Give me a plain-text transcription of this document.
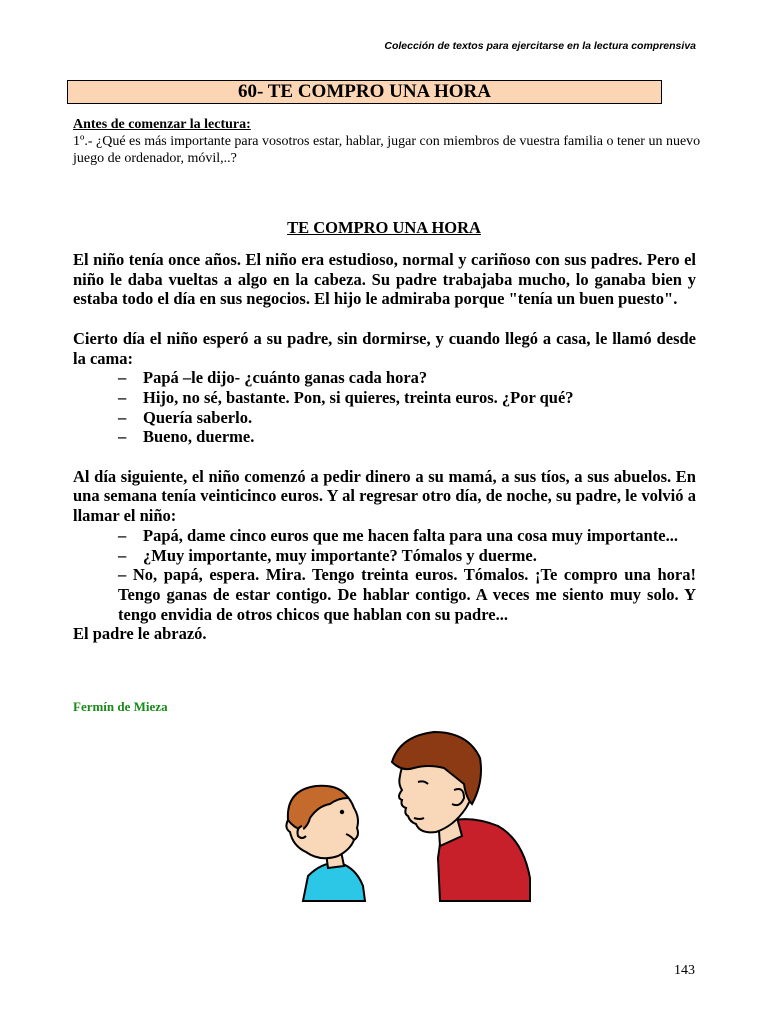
Colección de textos para ejercitarse en la lectura comprensiva
60- TE COMPRO UNA HORA
Antes de comenzar la lectura:
1º.- ¿Qué es más importante para vosotros estar, hablar, jugar con miembros de vuestra familia o tener un nuevo juego de ordenador, móvil,..?
TE COMPRO UNA HORA

El niño tenía once años. El niño era estudioso, normal y cariñoso con sus padres. Pero el niño le daba vueltas a algo en la cabeza. Su padre trabajaba mucho, lo ganaba bien y estaba todo el día en sus negocios. El hijo le admiraba porque "tenía un buen puesto".

Cierto día el niño esperó a su padre, sin dormirse, y cuando llegó a casa, le llamó desde la cama:

–	Papá –le dijo- ¿cuánto ganas cada hora?
–	Hijo, no sé, bastante. Pon, si quieres, treinta euros. ¿Por qué?
–	Quería saberlo.
–	Bueno, duerme.

Al día siguiente, el niño comenzó a pedir dinero a su mamá, a sus tíos, a sus abuelos. En una semana tenía veinticinco euros. Y al regresar otro día, de noche, su padre, le volvió a llamar el niño:

–	Papá, dame cinco euros que me hacen falta para una cosa muy importante...
–	¿Muy importante, muy importante? Tómalos y duerme.

– No, papá, espera. Mira. Tengo treinta euros. Tómalos. ¡Te compro una hora! Tengo ganas de estar contigo. De hablar contigo. A veces me siento muy solo. Y tengo envidia de otros chicos que hablan con su padre...

El padre le abrazó.

Fermín de Mieza
143
